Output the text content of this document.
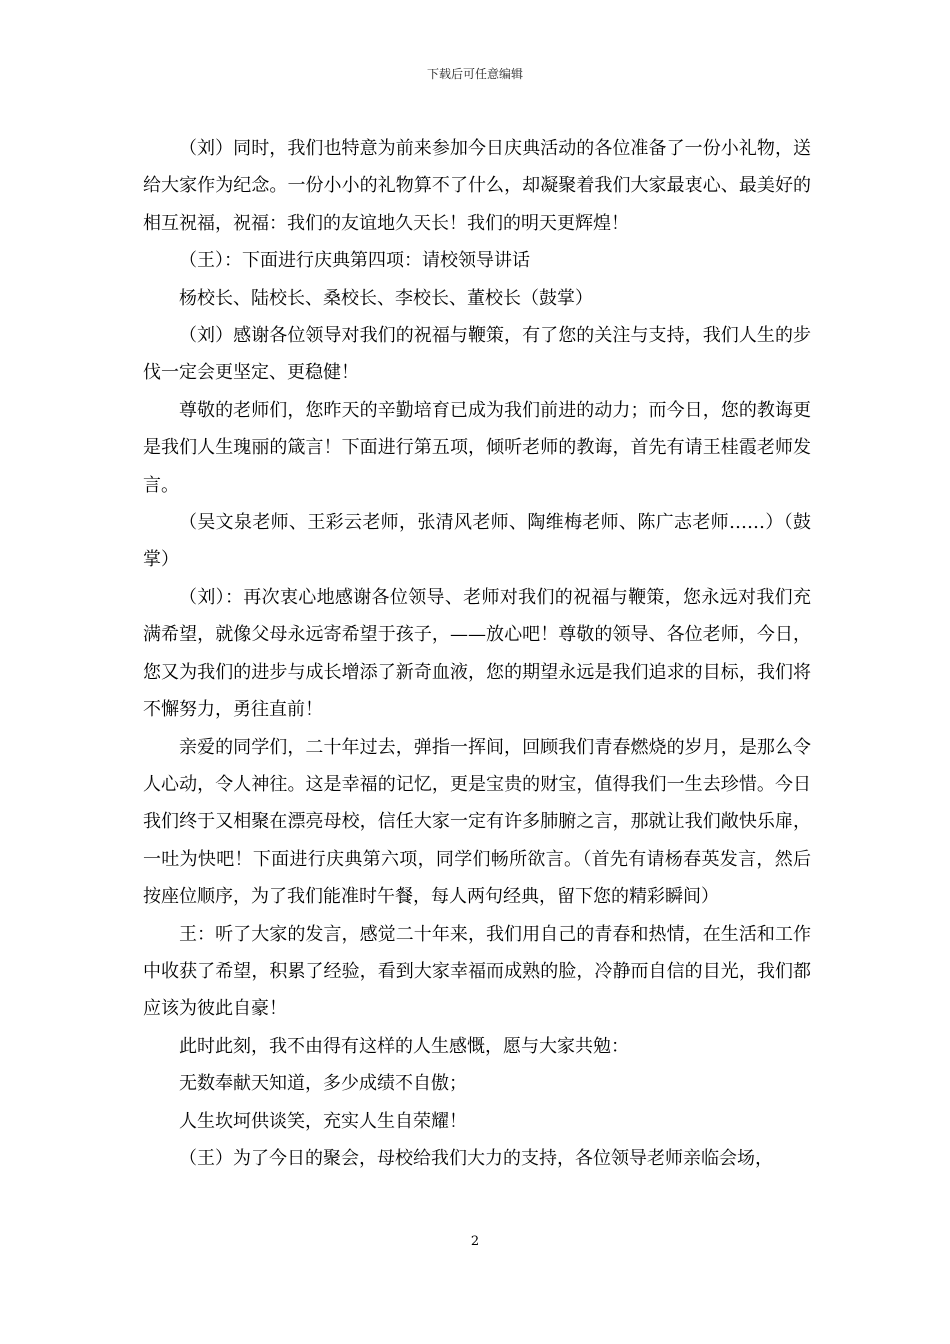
下载后可任意编辑

（刘）同时，我们也特意为前来参加今日庆典活动的各位准备了一份小礼物，送给大家作为纪念。一份小小的礼物算不了什么，却凝聚着我们大家最衷心、最美好的相互祝福，祝福：我们的友谊地久天长！我们的明天更辉煌！

（王）：下面进行庆典第四项：请校领导讲话

杨校长、陆校长、桑校长、李校长、董校长（鼓掌）

（刘）感谢各位领导对我们的祝福与鞭策，有了您的关注与支持，我们人生的步伐一定会更坚定、更稳健！

尊敬的老师们，您昨天的辛勤培育已成为我们前进的动力；而今日，您的教诲更是我们人生瑰丽的箴言！下面进行第五项，倾听老师的教诲，首先有请王桂霞老师发言。

（吴文泉老师、王彩云老师，张清风老师、陶维梅老师、陈广志老师……）（鼓掌）

（刘）：再次衷心地感谢各位领导、老师对我们的祝福与鞭策，您永远对我们充满希望，就像父母永远寄希望于孩子，——放心吧！尊敬的领导、各位老师，今日，您又为我们的进步与成长增添了新奇血液，您的期望永远是我们追求的目标，我们将不懈努力，勇往直前！

亲爱的同学们，二十年过去，弹指一挥间，回顾我们青春燃烧的岁月，是那么令人心动，令人神往。这是幸福的记忆，更是宝贵的财宝，值得我们一生去珍惜。今日我们终于又相聚在漂亮母校，信任大家一定有许多肺腑之言，那就让我们敞快乐扉，一吐为快吧！下面进行庆典第六项，同学们畅所欲言。（首先有请杨春英发言，然后按座位顺序，为了我们能准时午餐，每人两句经典，留下您的精彩瞬间）

王：听了大家的发言，感觉二十年来，我们用自己的青春和热情，在生活和工作中收获了希望，积累了经验，看到大家幸福而成熟的脸，冷静而自信的目光，我们都应该为彼此自豪！

此时此刻，我不由得有这样的人生感慨，愿与大家共勉：

无数奉献天知道，多少成绩不自傲；

人生坎坷供谈笑，充实人生自荣耀！

（王）为了今日的聚会，母校给我们大力的支持，各位领导老师亲临会场，

2
